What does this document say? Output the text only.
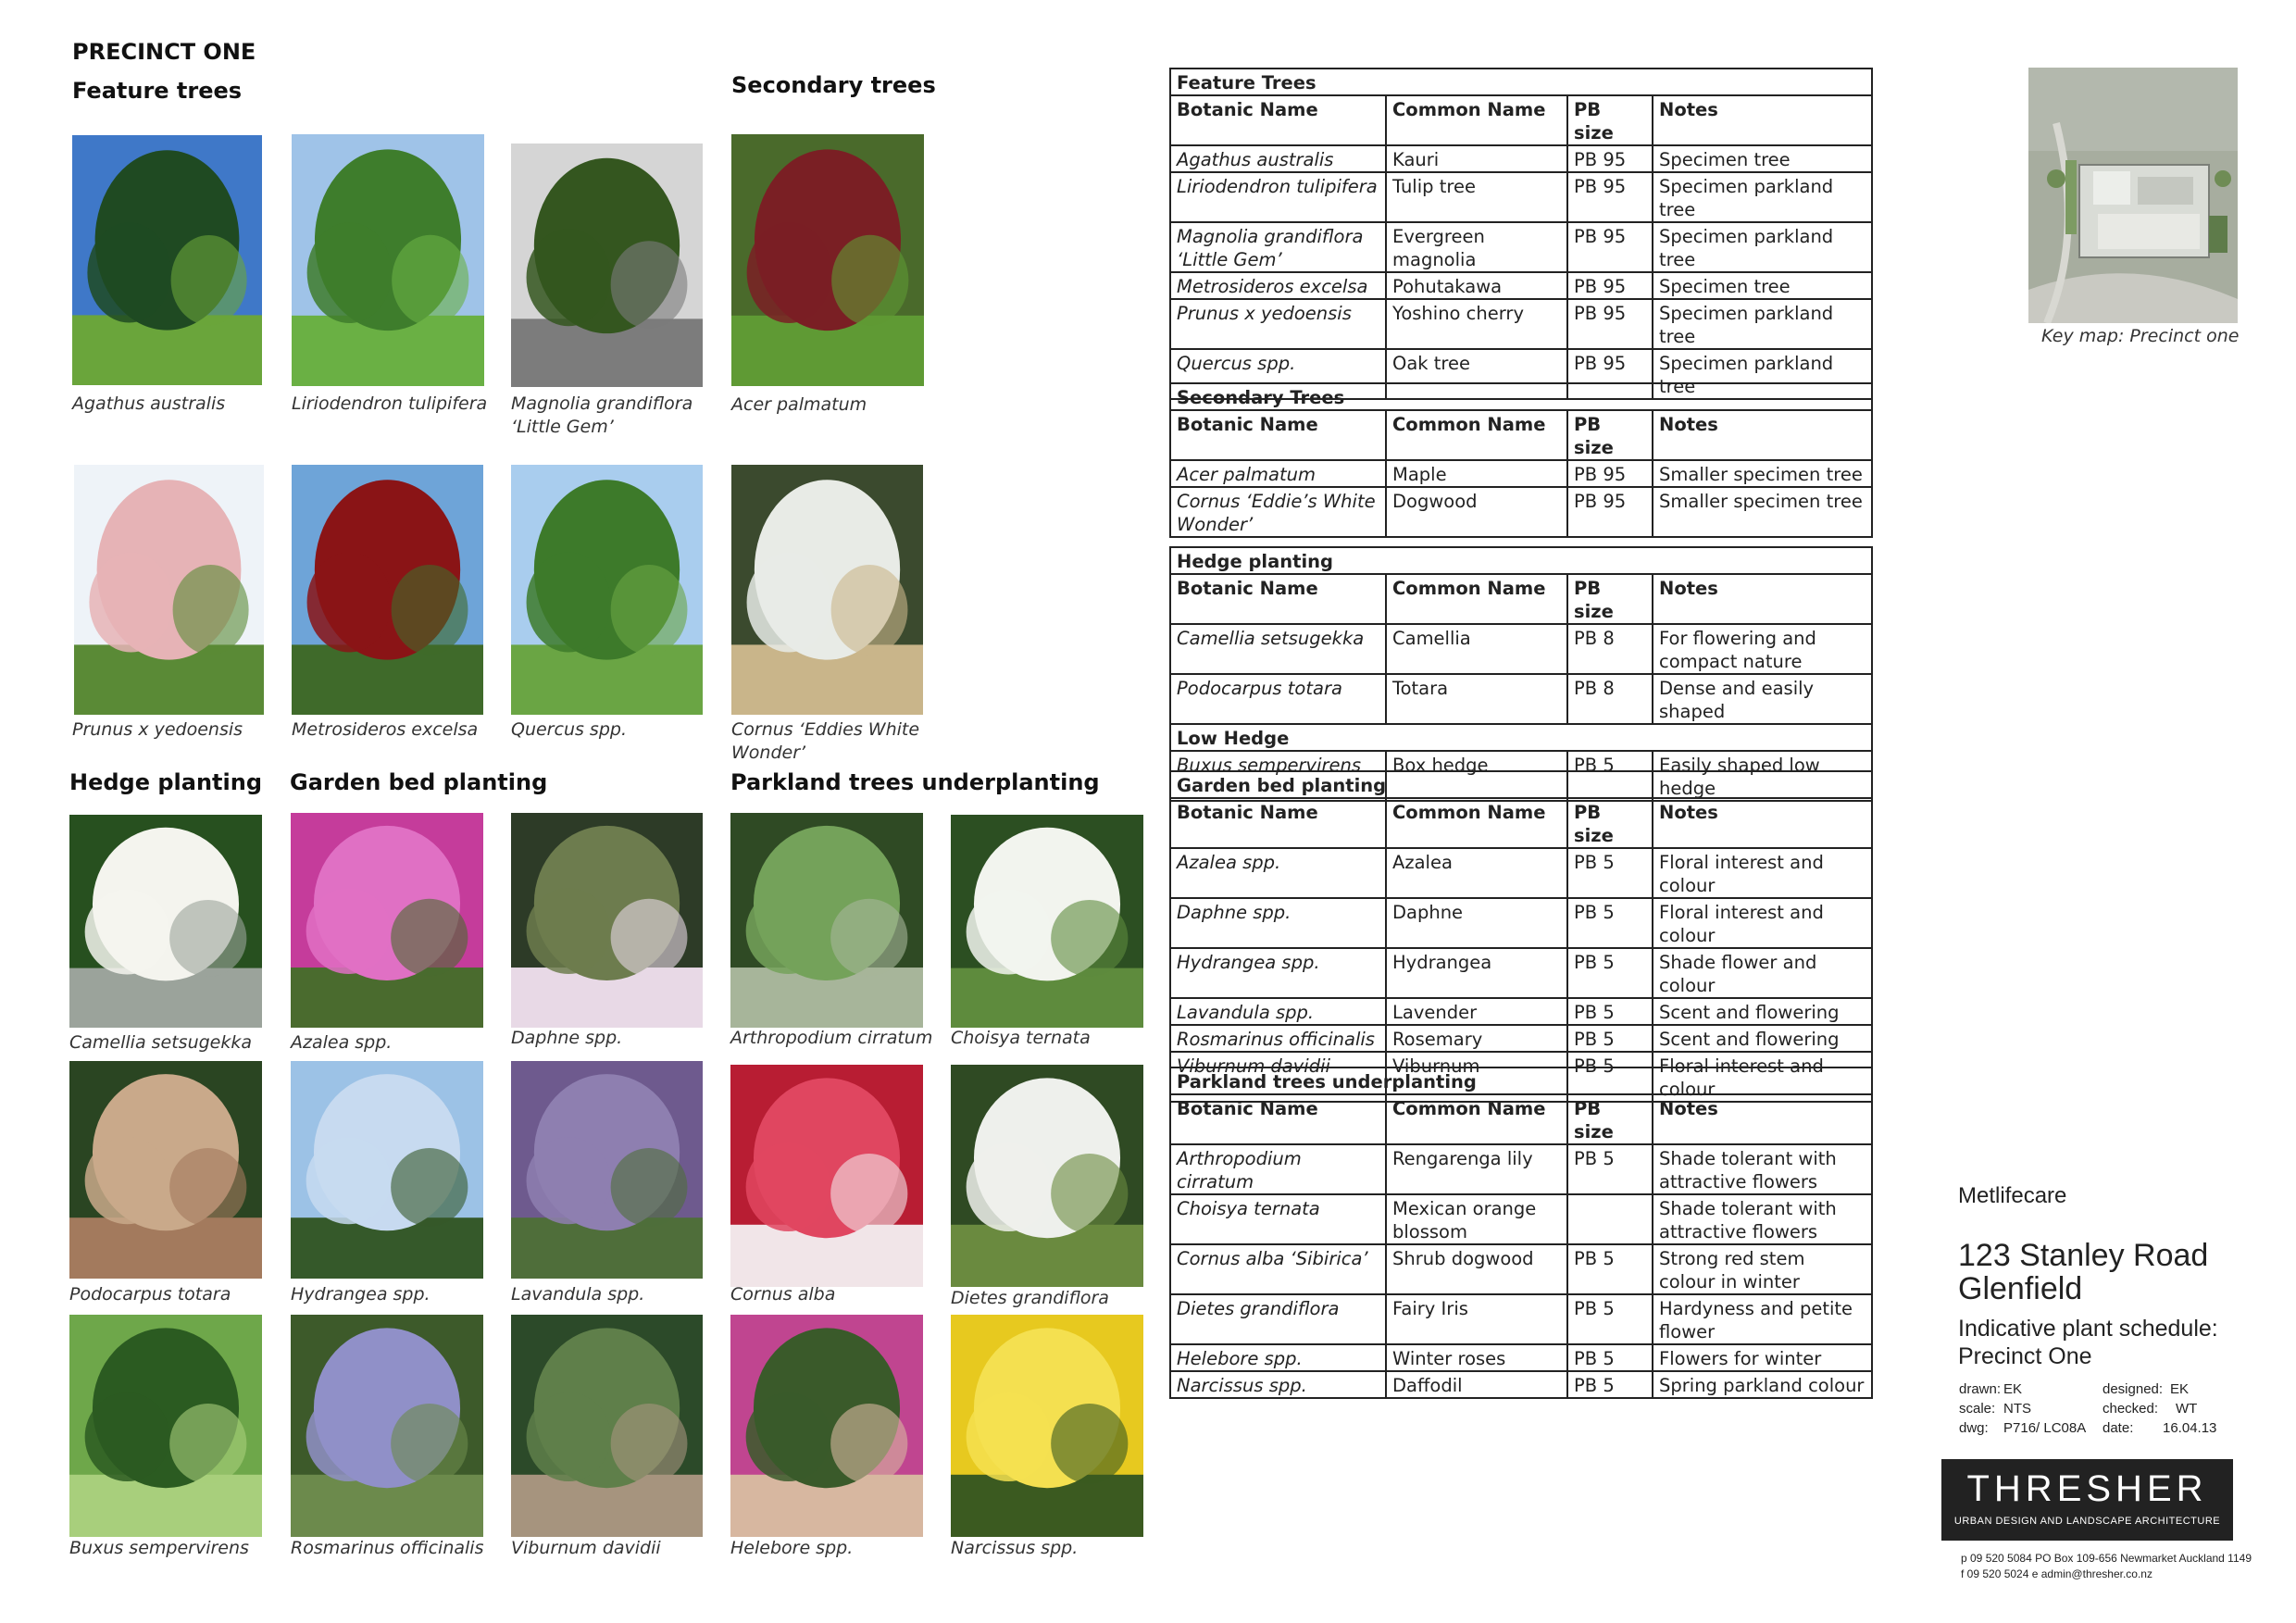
PRECINCT ONE
Feature trees	Secondary trees
Hedge planting Garden bed planting	Parkland trees underplanting
Agathus australis	Liriodendron tulipifera	Magnolia grandiflora ‘Little Gem’
Acer palmatum
Prunus x yedoensis	Metrosideros excelsa	Quercus spp.	Cornus ‘Eddies White Wonder’
Camellia setsugekka	Azalea spp.	Daphne spp.	Arthropodium cirratum	Choisya ternata
Podocarpus totara	Hydrangea spp.	Lavandula spp.	Cornus alba	Dietes grandiflora
Buxus sempervirens	Rosmarinus officinalis	Viburnum davidii	Helebore spp.	Narcissus spp.
Feature Trees			
Botanic Name	Common Name	PB size	Notes
Agathus australis	Kauri	PB 95	Specimen tree
Liriodendron tulipifera	Tulip tree	PB 95	Specimen parkland tree
Magnolia grandiflora ‘Little Gem’	Evergreen magnolia	PB 95	Specimen parkland tree
Metrosideros excelsa	Pohutakawa	PB 95	Specimen tree
Prunus x yedoensis	Yoshino cherry	PB 95	Specimen parkland tree
Quercus spp.	Oak tree	PB 95	Specimen parkland tree
Secondary Trees			
Botanic Name	Common Name	PB size	Notes
Acer palmatum	Maple	PB 95	Smaller specimen tree
Cornus ‘Eddie’s White Wonder’	Dogwood	PB 95	Smaller specimen tree
Hedge planting			
Botanic Name	Common Name	PB size	Notes
Camellia setsugekka	Camellia	PB 8	For flowering and compact nature
Podocarpus totara	Totara	PB 8	Dense and easily shaped
Low Hedge			
Buxus sempervirens	Box hedge	PB 5	Easily shaped low hedge
Garden bed planting			
Botanic Name	Common Name	PB size	Notes
Azalea spp.	Azalea	PB 5	Floral interest and colour
Daphne spp.	Daphne	PB 5	Floral interest and colour
Hydrangea spp.	Hydrangea	PB 5	Shade flower and colour
Lavandula spp.	Lavender	PB 5	Scent and flowering
Rosmarinus officinalis	Rosemary	PB 5	Scent and flowering
Viburnum davidii	Viburnum	PB 5	Floral interest and colour
Parkland trees underplanting			
Botanic Name	Common Name	PB size	Notes
Arthropodium cirratum	Rengarenga lily	PB 5	Shade tolerant with attractive flowers
Choisya ternata	Mexican orange blossom		Shade tolerant with attractive flowers
Cornus alba ‘Sibirica’	Shrub dogwood	PB 5	Strong red stem colour in winter
Dietes grandiflora	Fairy Iris	PB 5	Hardyness and petite flower
Helebore spp.	Winter roses	PB 5	Flowers for winter
Narcissus spp.	Daffodil	PB 5	Spring parkland colour
Key map: Precinct one
Metlifecare
123 Stanley Road
Glenfield
Indicative plant schedule:
Precinct One
drawn: EK	designed: EK
scale: NTS	checked: WT
dwg: P716/ LC08A date: 16.04.13
THRESHER
URBAN DESIGN AND LANDSCAPE ARCHITECTURE
p 09 520 5084 PO Box 109-656 Newmarket Auckland 1149
f 09 520 5024 e admin@thresher.co.nz
